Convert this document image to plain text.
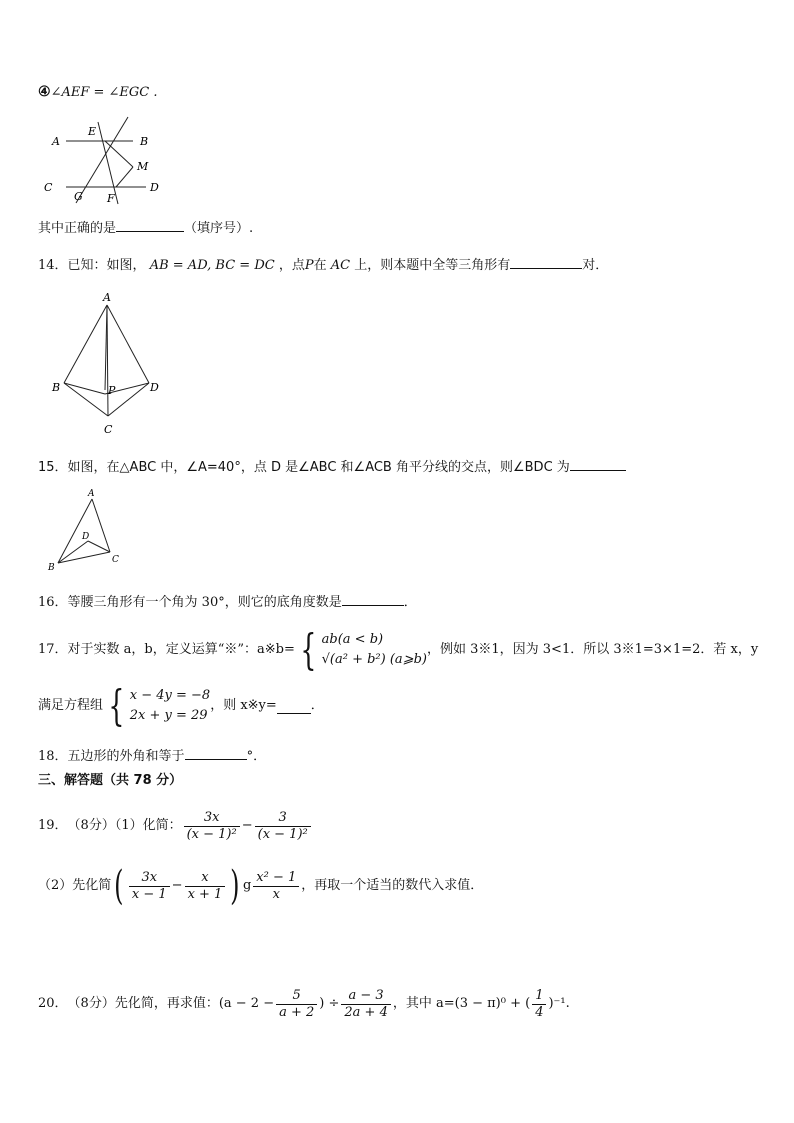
④∠AEF = ∠EGC .
A
E
B
M
C
G F
D
其中正确的是	（填序号）.
14．已知：如图， AB = AD, BC = DC ，点P在 AC 上，则本题中全等三角形有	对．
A
B	P	D
C
15．如图，在△ABC 中，∠A=40°，点 D 是∠ABC 和∠ACB 角平分线的交点，则∠BDC 为
A
D
B
C
16．等腰三角形有一个角为 30°，则它的底角度数是	．
17． 对于实数 a，b，定义运算“※”：a※b= { ab(a < b)
√(a² + b²) (a⩾b)
，例如 3※1，因为 3<1．所以 3※1=3×1=2．若 x，y
满足方程组 { x − 4y = −8
2x + y = 29
，则 x※y=	．
18．五边形的外角和等于	°．
三、解答题（共 78 分）
19． （8分）（1）化简： $\frac{3x}{\text{(x − 1)²}} - \frac{3}{\text{(x − 1)²}}$
（2）先化简 ( $\frac{3x}{x - 1} - \frac{x}{x + 1}$ ) g $\frac{\text{x² − 1}}{x}$ ，再取一个适当的数代入求值．
20． （8分）先化简，再求值：($a - 2 - \frac{5}{a + 2}$ ) ÷ $\frac{a - 3}{2a + 4}$ ，其中 a=(3 − π)⁰ + ( $\frac{1}{4} )^{-1}$.
